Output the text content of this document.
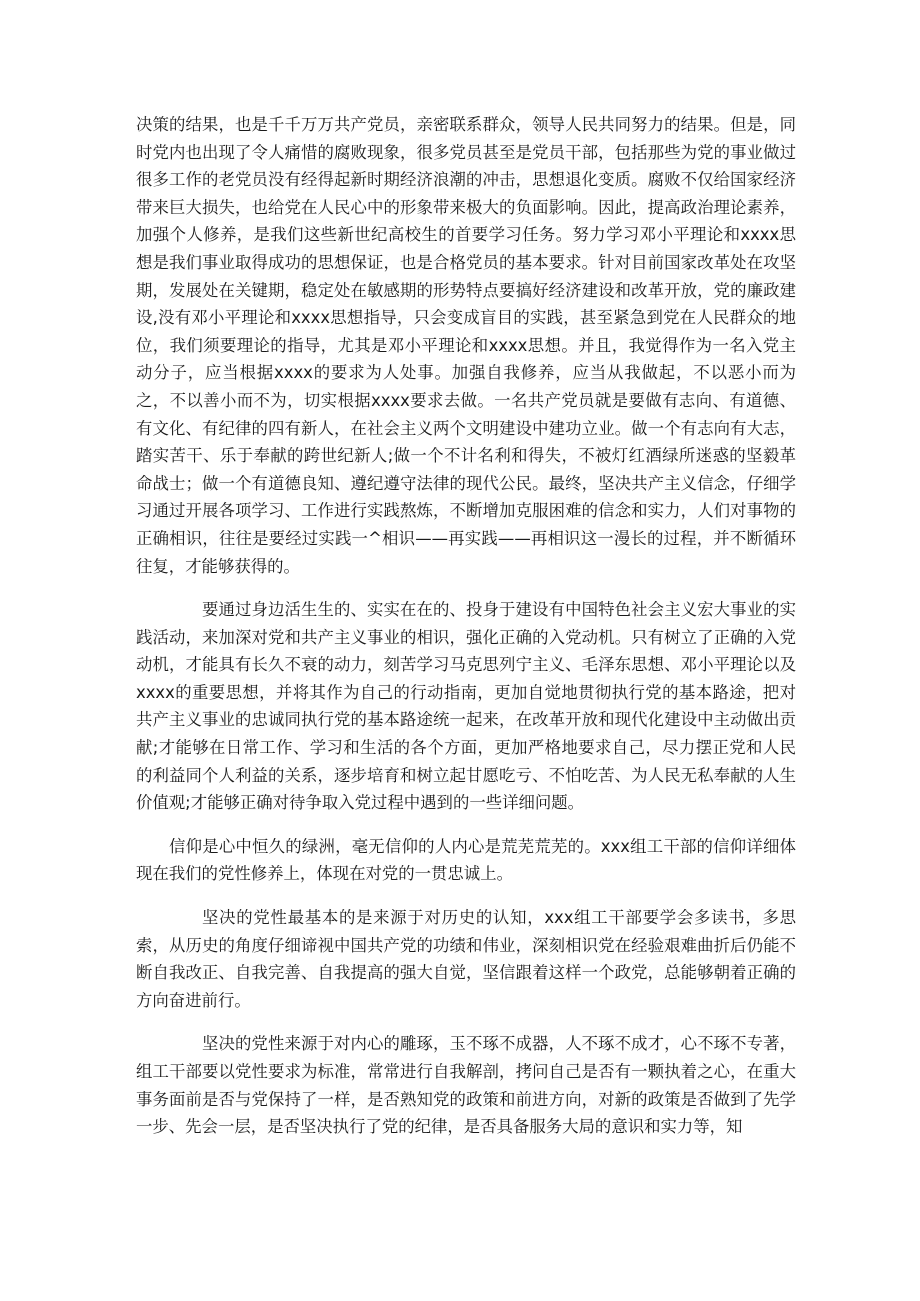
决策的结果，也是千千万万共产党员，亲密联系群众，领导人民共同努力的结果。但是，同时党内也出现了令人痛惜的腐败现象，很多党员甚至是党员干部，包括那些为党的事业做过很多工作的老党员没有经得起新时期经济浪潮的冲击，思想退化变质。腐败不仅给国家经济带来巨大损失，也给党在人民心中的形象带来极大的负面影响。因此，提高政治理论素养，加强个人修养，是我们这些新世纪高校生的首要学习任务。努力学习邓小平理论和xxxx思想是我们事业取得成功的思想保证，也是合格党员的基本要求。针对目前国家改革处在攻坚期，发展处在关键期，稳定处在敏感期的形势特点要搞好经济建设和改革开放，党的廉政建设,没有邓小平理论和xxxx思想指导，只会变成盲目的实践，甚至紧急到党在人民群众的地位，我们须要理论的指导，尤其是邓小平理论和xxxx思想。并且，我觉得作为一名入党主动分子，应当根据xxxx的要求为人处事。加强自我修养，应当从我做起，不以恶小而为之，不以善小而不为，切实根据xxxx要求去做。一名共产党员就是要做有志向、有道德、有文化、有纪律的四有新人，在社会主义两个文明建设中建功立业。做一个有志向有大志，踏实苦干、乐于奉献的跨世纪新人;做一个不计名利和得失，不被灯红酒绿所迷惑的坚毅革命战士；做一个有道德良知、遵纪遵守法律的现代公民。最终，坚决共产主义信念，仔细学习通过开展各项学习、工作进行实践熬炼，不断增加克服困难的信念和实力，人们对事物的正确相识，往往是要经过实践一^相识——再实践——再相识这一漫长的过程，并不断循环往复，才能够获得的。

要通过身边活生生的、实实在在的、投身于建设有中国特色社会主义宏大事业的实践活动，来加深对党和共产主义事业的相识，强化正确的入党动机。只有树立了正确的入党动机，才能具有长久不衰的动力，刻苦学习马克思列宁主义、毛泽东思想、邓小平理论以及xxxx的重要思想，并将其作为自己的行动指南，更加自觉地贯彻执行党的基本路途，把对共产主义事业的忠诚同执行党的基本路途统一起来，在改革开放和现代化建设中主动做出贡献;才能够在日常工作、学习和生活的各个方面，更加严格地要求自己，尽力摆正党和人民的利益同个人利益的关系，逐步培育和树立起甘愿吃亏、不怕吃苦、为人民无私奉献的人生价值观;才能够正确对待争取入党过程中遇到的一些详细问题。

信仰是心中恒久的绿洲，毫无信仰的人内心是荒芜荒芜的。xxx组工干部的信仰详细体现在我们的党性修养上，体现在对党的一贯忠诚上。

坚决的党性最基本的是来源于对历史的认知，xxx组工干部要学会多读书，多思索，从历史的角度仔细谛视中国共产党的功绩和伟业，深刻相识党在经验艰难曲折后仍能不断自我改正、自我完善、自我提高的强大自觉，坚信跟着这样一个政党，总能够朝着正确的方向奋进前行。

坚决的党性来源于对内心的雕琢，玉不琢不成器，人不琢不成才，心不琢不专著，组工干部要以党性要求为标准，常常进行自我解剖，拷问自己是否有一颗执着之心，在重大事务面前是否与党保持了一样，是否熟知党的政策和前进方向，对新的政策是否做到了先学一步、先会一层，是否坚决执行了党的纪律，是否具备服务大局的意识和实力等，知
